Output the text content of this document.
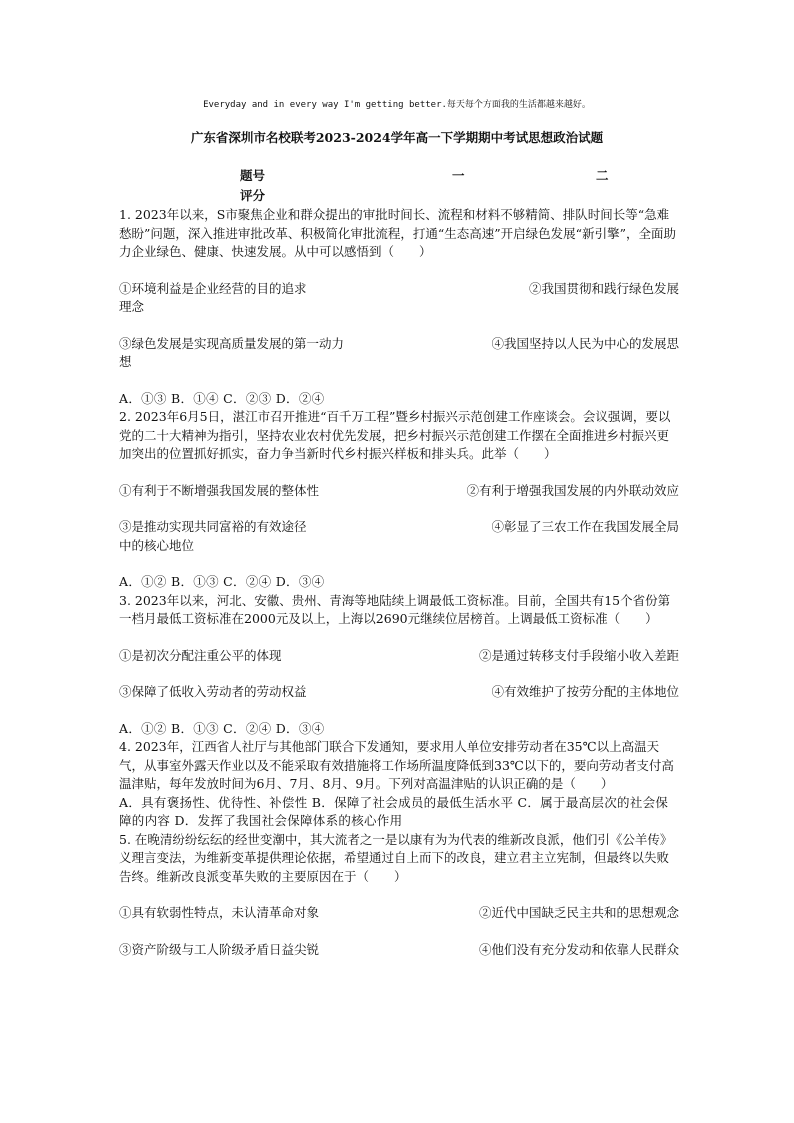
Everyday and in every way I'm getting better.每天每个方面我的生活都越来越好。
广东省深圳市名校联考2023-2024学年高一下学期期中考试思想政治试题
题号	一	二
评分

1. 2023年以来，S市聚焦企业和群众提出的审批时间长、流程和材料不够精简、排队时间长等“急难愁盼”问题，深入推进审批改革、积极简化审批流程，打通“生态高速”开启绿色发展“新引擎”，全面助力企业绿色、健康、快速发展。从中可以感悟到（　　）

①环境利益是企业经营的目的追求	②我国贯彻和践行绿色发展

理念

③绿色发展是实现高质量发展的第一动力	④我国坚持以人民为中心的发展思

想

A．①③ B．①④ C．②③ D．②④

2. 2023年6月5日，湛江市召开推进“百千万工程”暨乡村振兴示范创建工作座谈会。会议强调，要以党的二十大精神为指引，坚持农业农村优先发展，把乡村振兴示范创建工作摆在全面推进乡村振兴更加突出的位置抓好抓实，奋力争当新时代乡村振兴样板和排头兵。此举（　　）

①有利于不断增强我国发展的整体性	②有利于增强我国发展的内外联动效应
③是推动实现共同富裕的有效途径	④彰显了三农工作在我国发展全局

中的核心地位

A．①② B．①③ C．②④ D．③④

3. 2023年以来，河北、安徽、贵州、青海等地陆续上调最低工资标准。目前，全国共有15个省份第一档月最低工资标准在2000元及以上，上海以2690元继续位居榜首。上调最低工资标准（　　）

①是初次分配注重公平的体现	②是通过转移支付手段缩小收入差距
③保障了低收入劳动者的劳动权益	④有效维护了按劳分配的主体地位

A．①② B．①③ C．②④ D．③④

4. 2023年，江西省人社厅与其他部门联合下发通知，要求用人单位安排劳动者在35℃以上高温天气，从事室外露天作业以及不能采取有效措施将工作场所温度降低到33℃以下的，要向劳动者支付高温津贴，每年发放时间为6月、7月、8月、9月。下列对高温津贴的认识正确的是（　　）

A．具有褒扬性、优待性、补偿性 B．保障了社会成员的最低生活水平 C．属于最高层次的社会保障的内容 D．发挥了我国社会保障体系的核心作用

5. 在晚清纷纷纭纭的经世变潮中，其大流者之一是以康有为为代表的维新改良派，他们引《公羊传》义理言变法，为维新变革提供理论依据，希望通过自上而下的改良，建立君主立宪制，但最终以失败告终。维新改良派变革失败的主要原因在于（　　）

①具有软弱性特点，未认清革命对象	②近代中国缺乏民主共和的思想观念
③资产阶级与工人阶级矛盾日益尖锐	④他们没有充分发动和依靠人民群众
